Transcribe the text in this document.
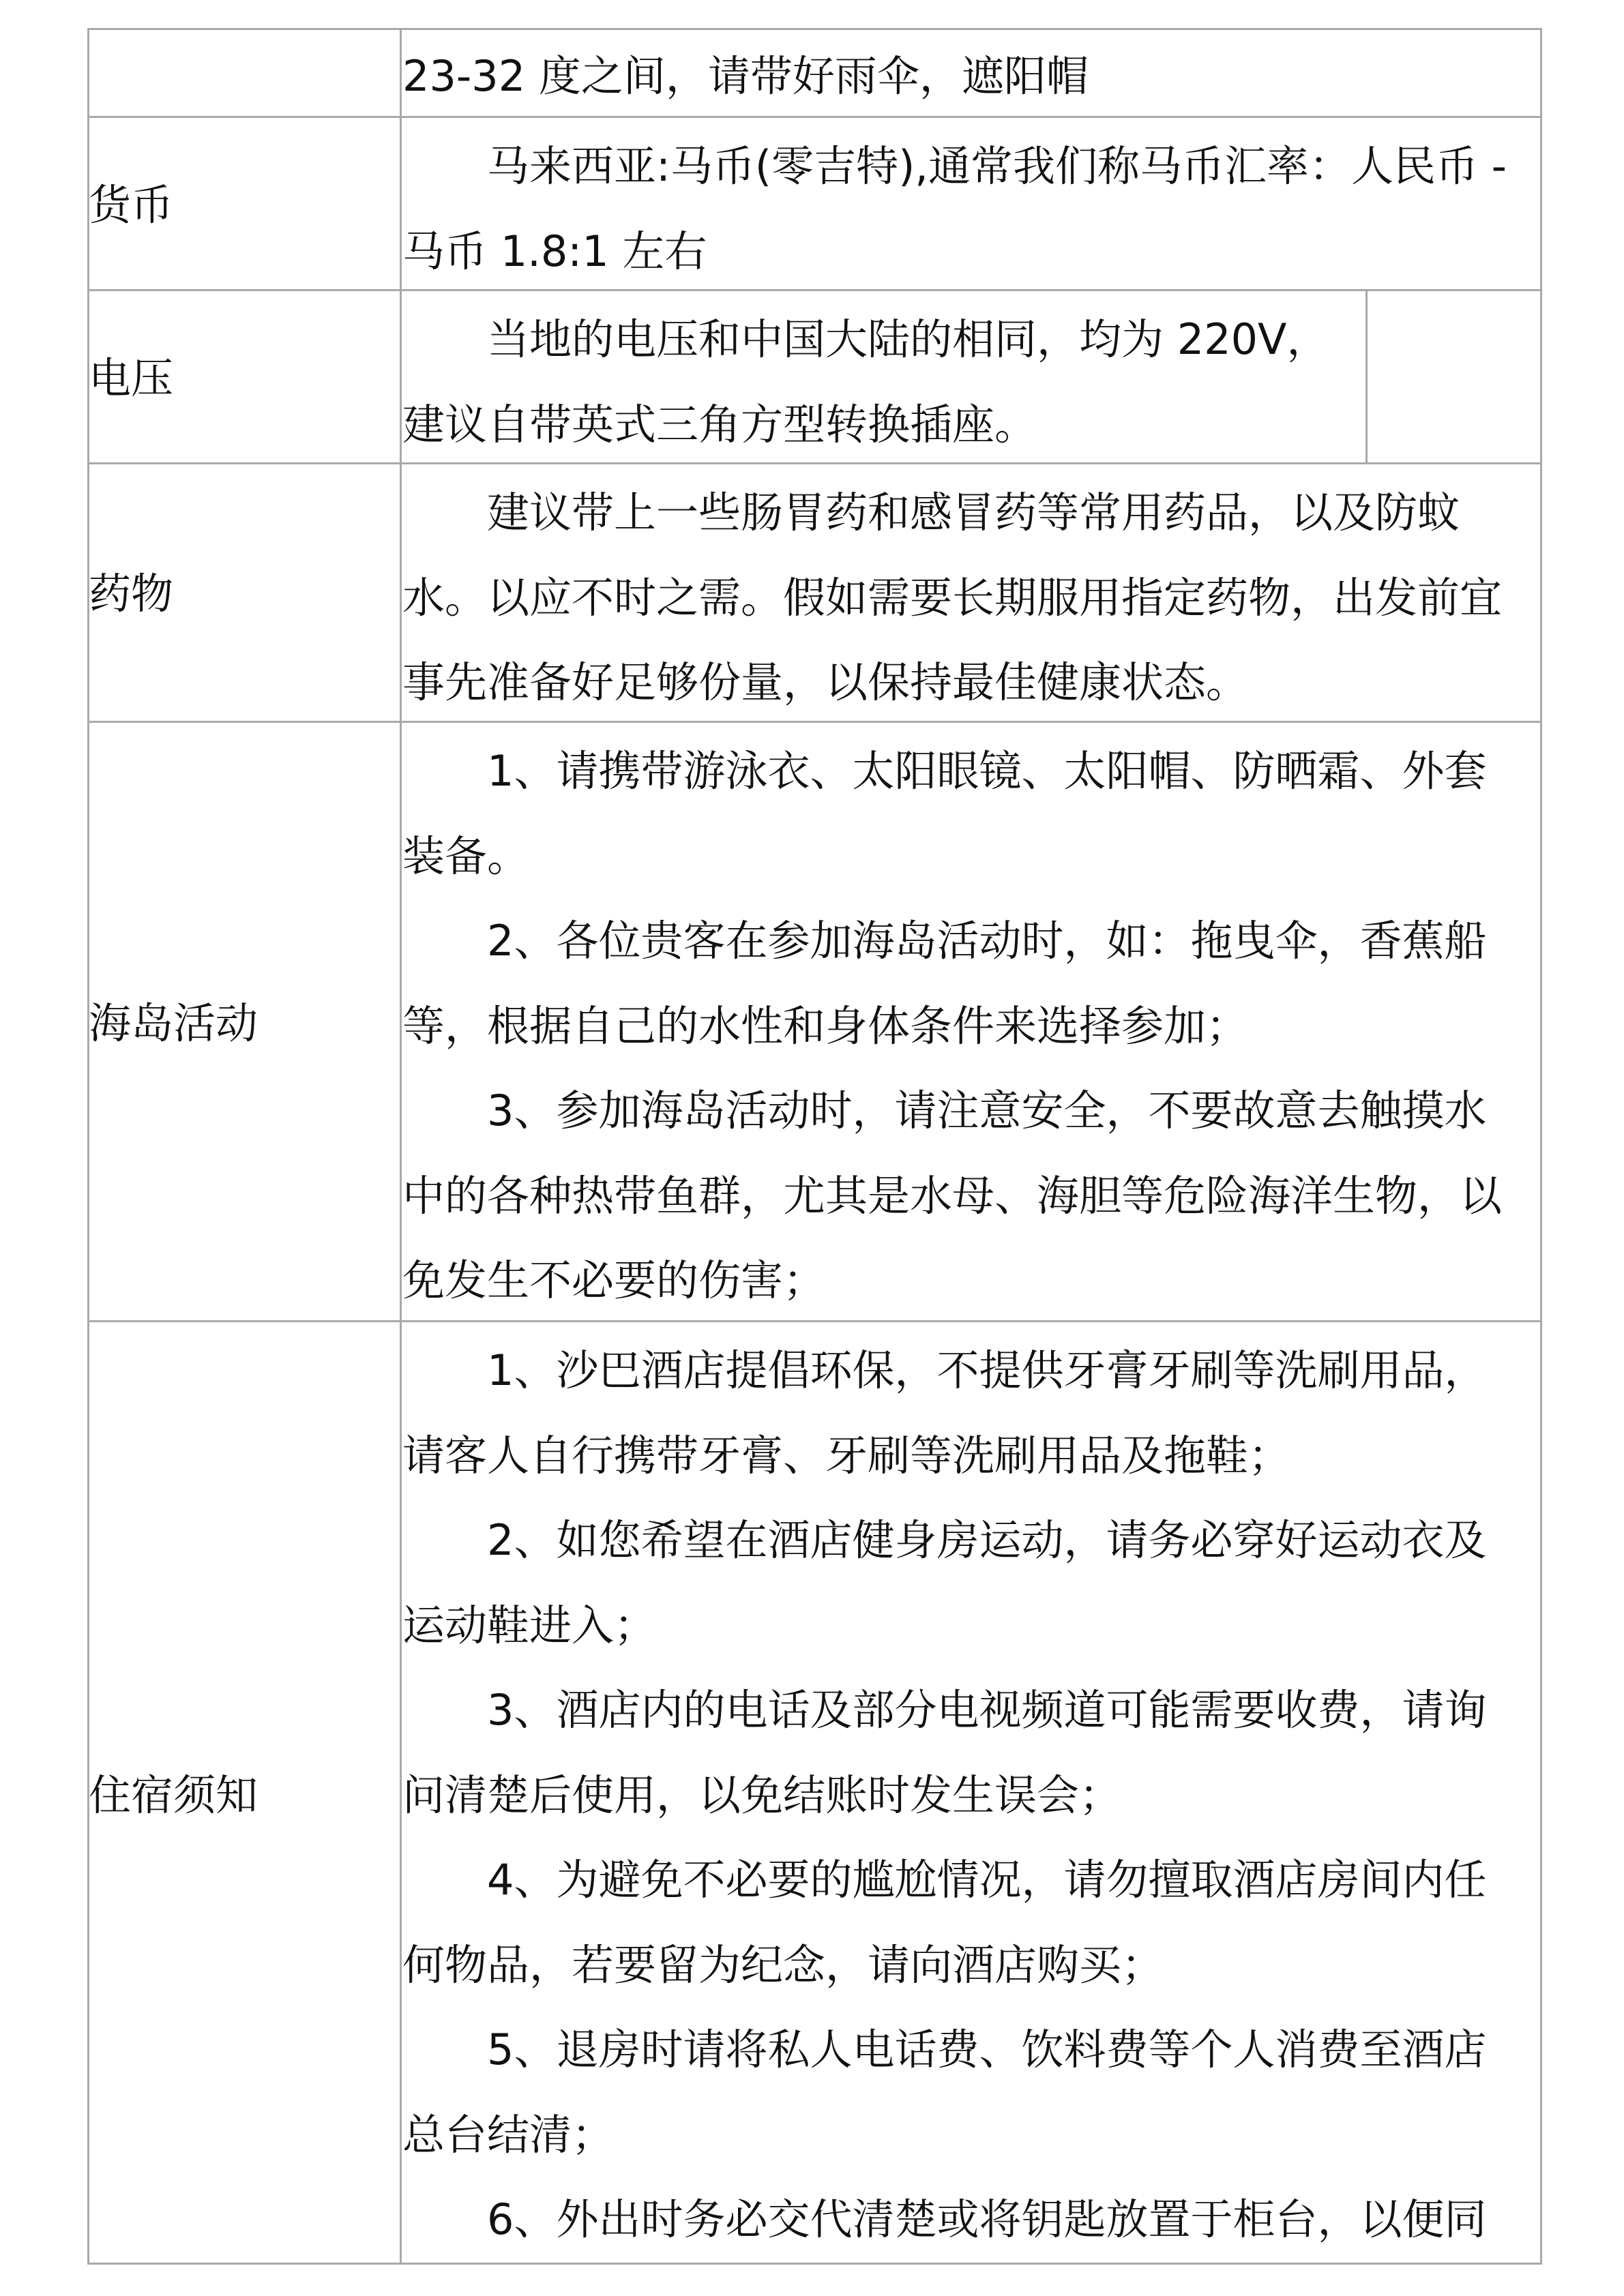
23-32 度之间，请带好雨伞，遮阳帽

货币

马来西亚:马币(零吉特),通常我们称马币汇率：人民币 -

马币 1.8:1 左右

电压

当地的电压和中国大陆的相同，均为 220V，

建议自带英式三角方型转换插座。

药物

建议带上一些肠胃药和感冒药等常用药品，以及防蚊

水。以应不时之需。假如需要长期服用指定药物，出发前宜

事先准备好足够份量，以保持最佳健康状态。

海岛活动

1、请携带游泳衣、太阳眼镜、太阳帽、防晒霜、外套

装备。

2、各位贵客在参加海岛活动时，如：拖曳伞，香蕉船

等，根据自己的水性和身体条件来选择参加；

3、参加海岛活动时，请注意安全，不要故意去触摸水

中的各种热带鱼群，尤其是水母、海胆等危险海洋生物，以

免发生不必要的伤害；

住宿须知

1、沙巴酒店提倡环保，不提供牙膏牙刷等洗刷用品，

请客人自行携带牙膏、牙刷等洗刷用品及拖鞋；

2、如您希望在酒店健身房运动，请务必穿好运动衣及

运动鞋进入；

3、酒店内的电话及部分电视频道可能需要收费，请询

问清楚后使用，以免结账时发生误会；

4、为避免不必要的尴尬情况，请勿擅取酒店房间内任

何物品，若要留为纪念，请向酒店购买；

5、退房时请将私人电话费、饮料费等个人消费至酒店

总台结清；

6、外出时务必交代清楚或将钥匙放置于柜台，以便同
